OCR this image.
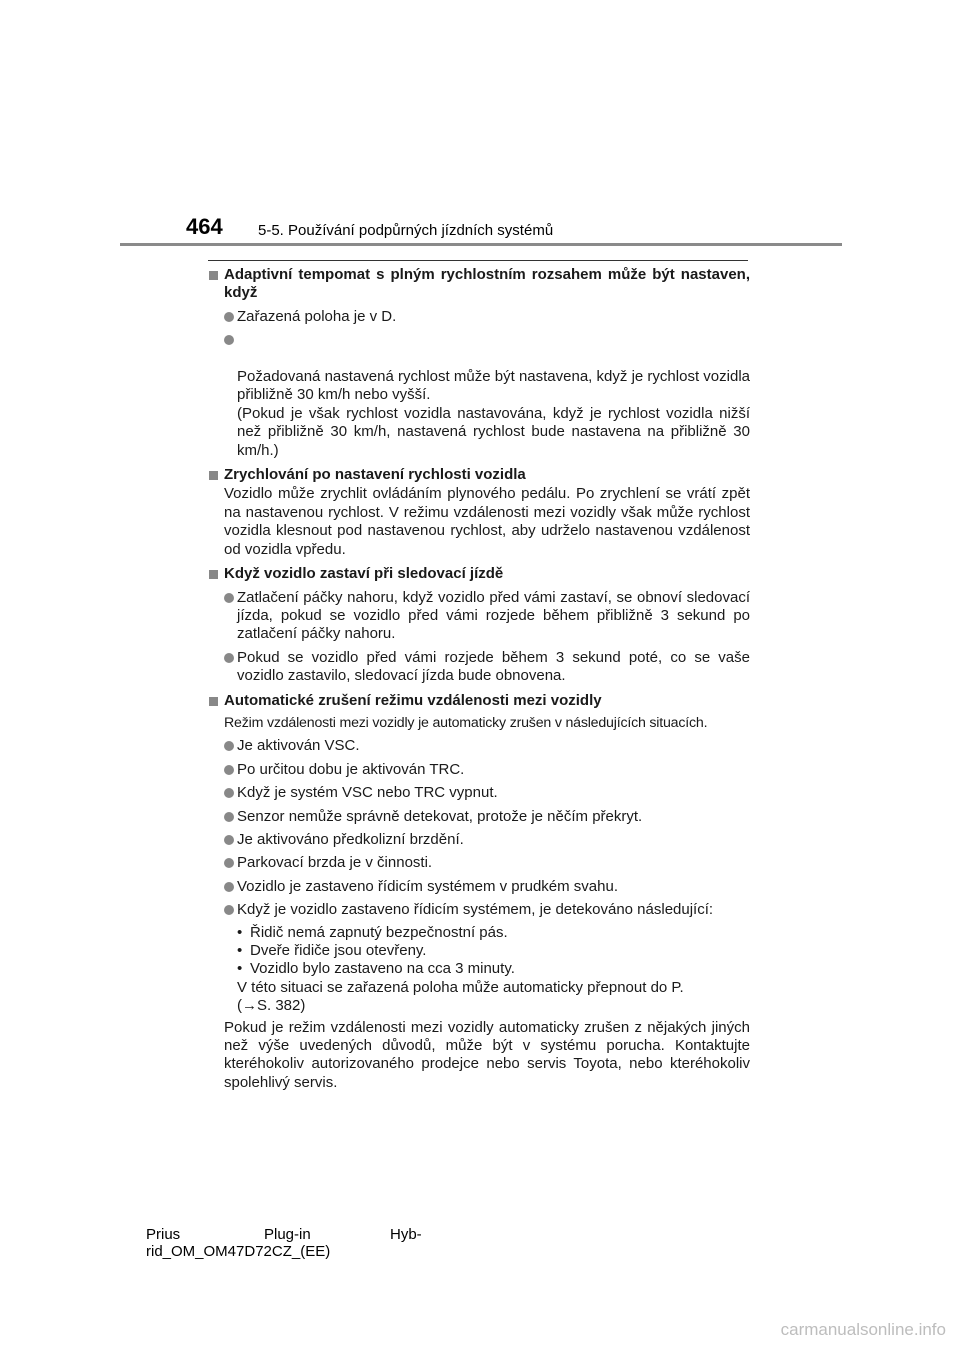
464 5-5. Používání podpůrných jízdních systémů
Adaptivní tempomat s plným rychlostním rozsahem může být nastaven, když
Zařazená poloha je v D.

Požadovaná nastavená rychlost může být nastavena, když je rychlost vozidla přibližně 30 km/h nebo vyšší.
(Pokud je však rychlost vozidla nastavována, když je rychlost vozidla nižší než přibližně 30 km/h, nastavená rychlost bude nastavena na přibližně 30 km/h.)

Zrychlování po nastavení rychlosti vozidla
Vozidlo může zrychlit ovládáním plynového pedálu. Po zrychlení se vrátí zpět na nastavenou rychlost. V režimu vzdálenosti mezi vozidly však může rychlost vozidla klesnout pod nastavenou rychlost, aby udrželo nastavenou vzdálenost od vozidla vpředu.
Když vozidlo zastaví při sledovací jízdě
Zatlačení páčky nahoru, když vozidlo před vámi zastaví, se obnoví sledovací jízda, pokud se vozidlo před vámi rozjede během přibližně 3 sekund po zatlačení páčky nahoru.
Pokud se vozidlo před vámi rozjede během 3 sekund poté, co se vaše vozidlo zastavilo, sledovací jízda bude obnovena.
Automatické zrušení režimu vzdálenosti mezi vozidly
Režim vzdálenosti mezi vozidly je automaticky zrušen v následujících situacích.
Je aktivován VSC.
Po určitou dobu je aktivován TRC.
Když je systém VSC nebo TRC vypnut.
Senzor nemůže správně detekovat, protože je něčím překryt.
Je aktivováno předkolizní brzdění.
Parkovací brzda je v činnosti.
Vozidlo je zastaveno řídicím systémem v prudkém svahu.
Když je vozidlo zastaveno řídicím systémem, je detekováno následující:
• Řidič nemá zapnutý bezpečnostní pás.
• Dveře řidiče jsou otevřeny.
• Vozidlo bylo zastaveno na cca 3 minuty.
V této situaci se zařazená poloha může automaticky přepnout do P.
(→S. 382)
Pokud je režim vzdálenosti mezi vozidly automaticky zrušen z nějakých jiných než výše uvedených důvodů, může být v systému porucha. Kontaktujte kteréhokoliv autorizovaného prodejce nebo servis Toyota, nebo kteréhokoliv spolehlivý servis.
Prius	Plug-in	Hyb-
rid_OM_OM47D72CZ_(EE)
carmanualsonline.info
